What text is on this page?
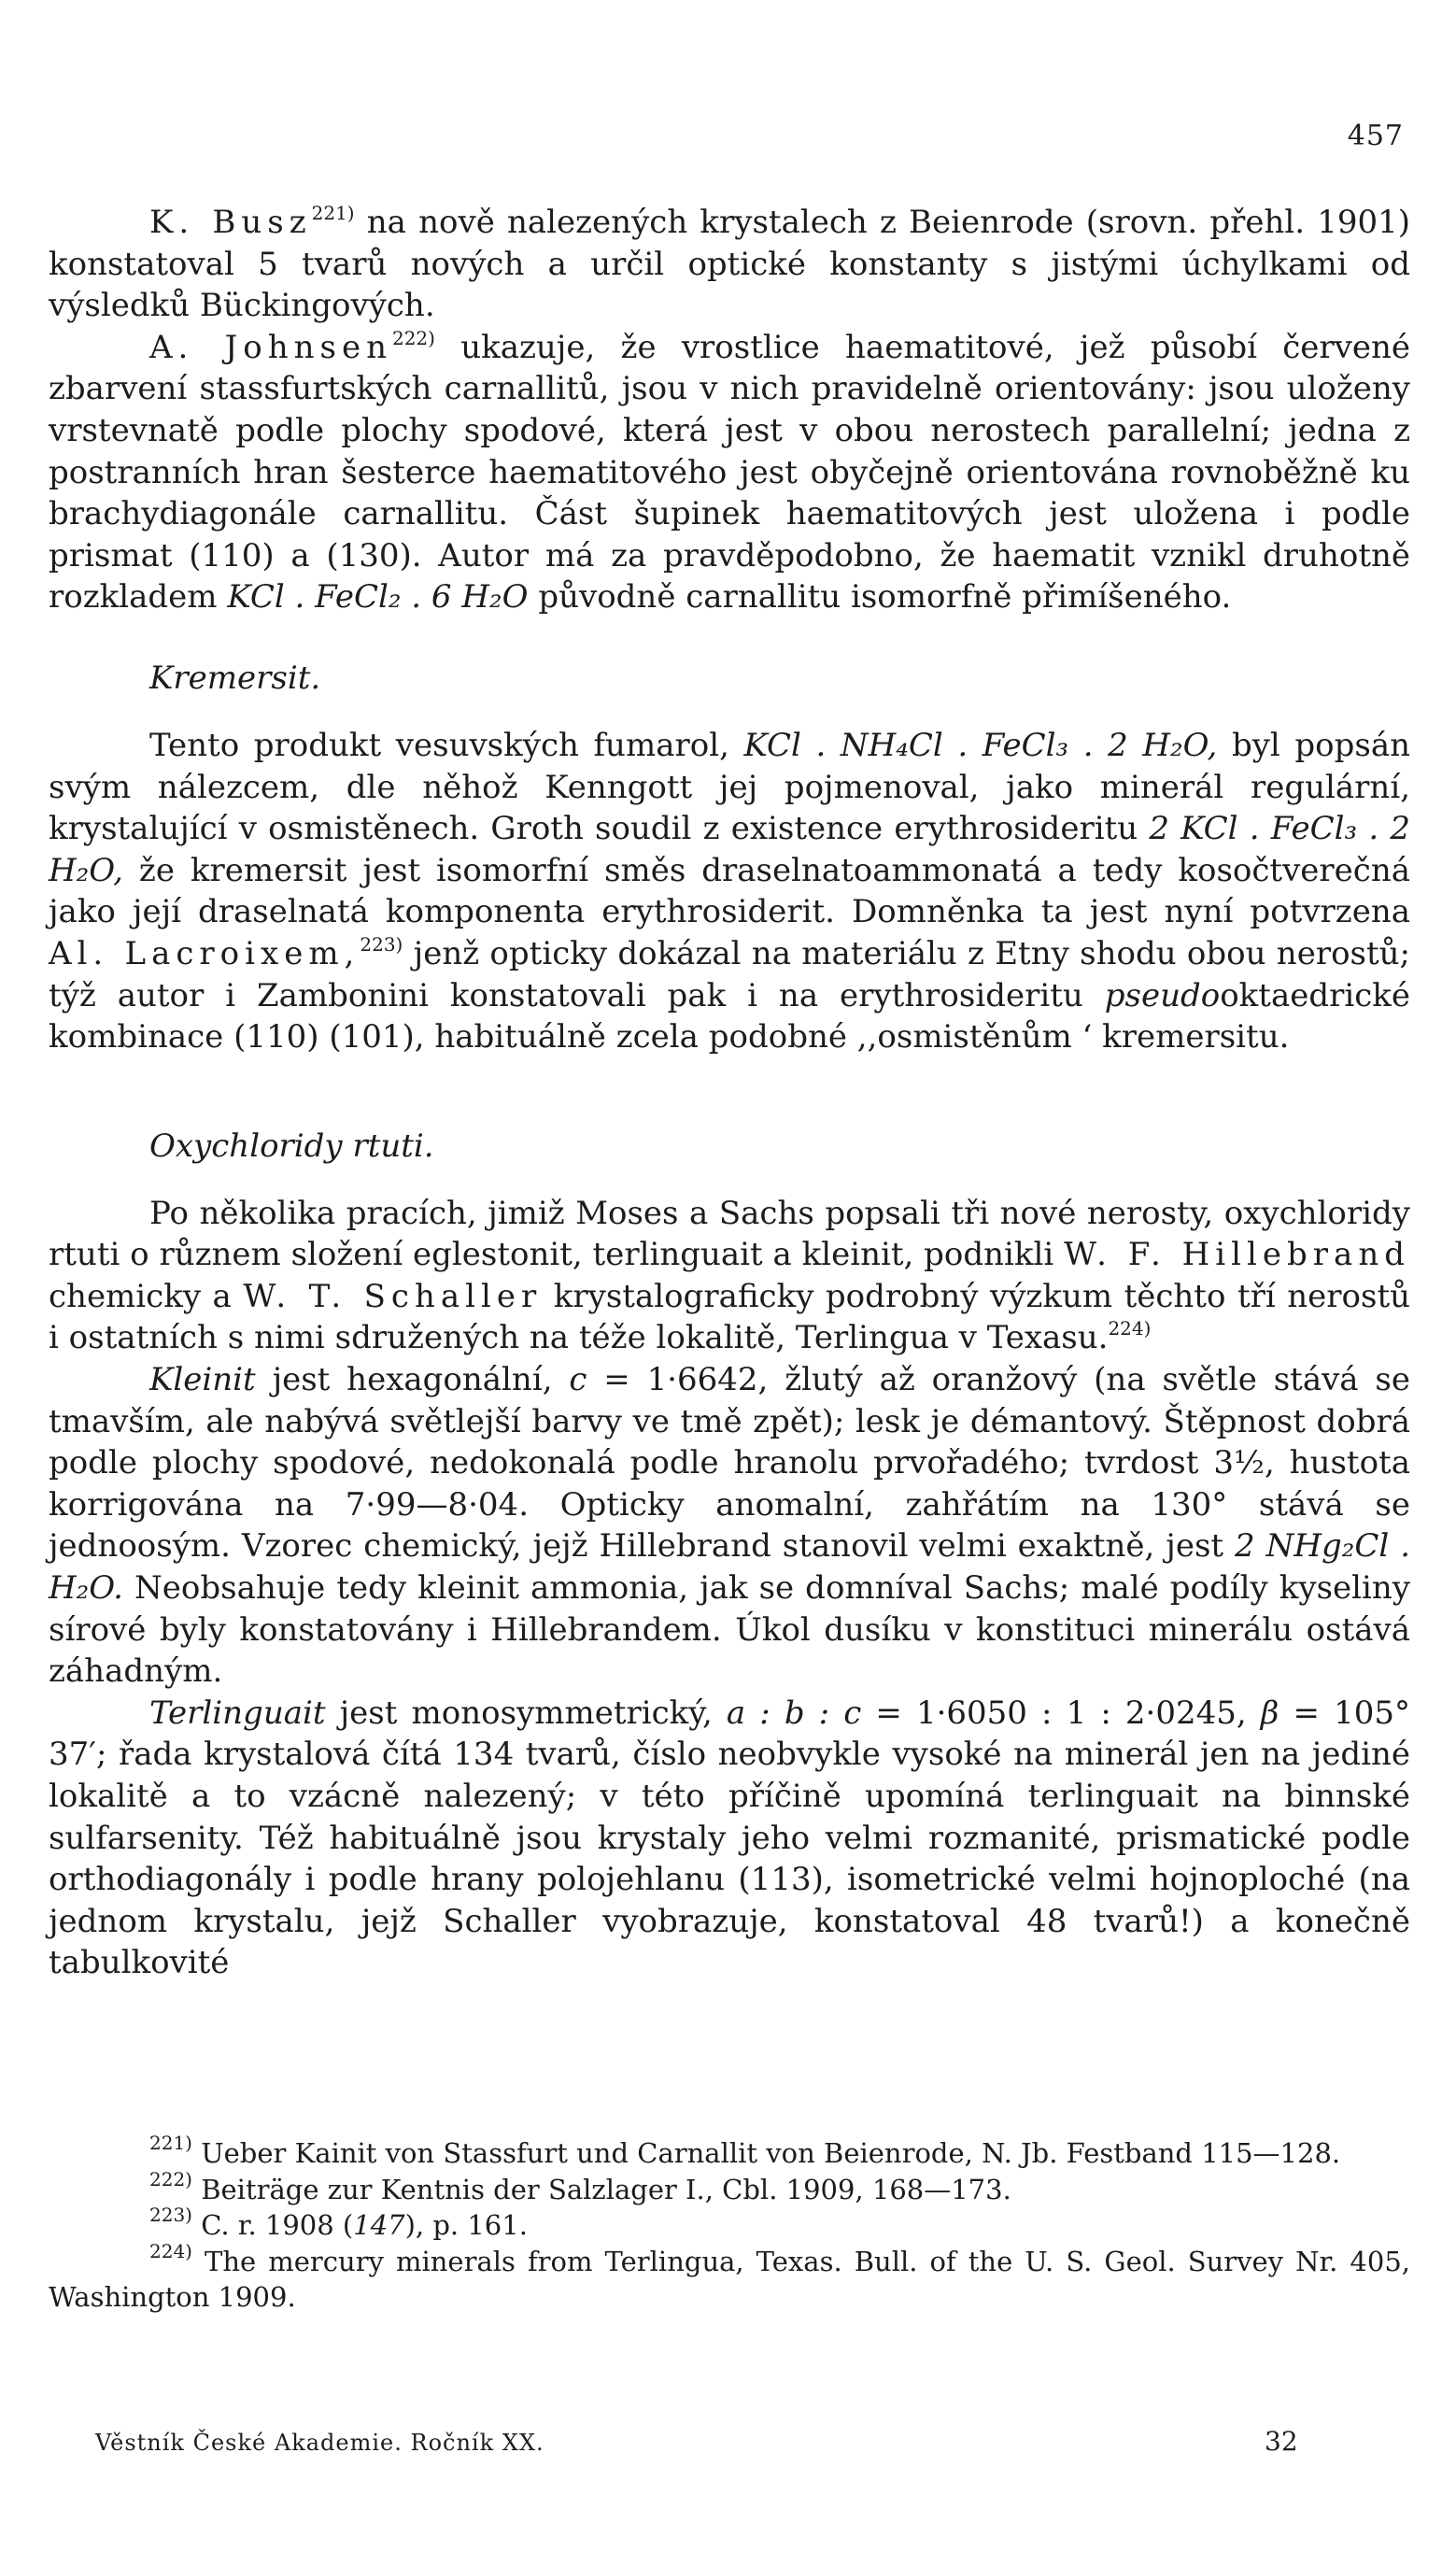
457

K. Busz$^{221)}$ na nově nalezených krystalech z Beienrode (srovn. přehl. 1901) konstatoval 5 tvarů nových a určil optické konstanty s jistými úchylkami od výsledků Bückingových.

A. Johnsen$^{222)}$ ukazuje, že vrostlice haematitové, jež působí červené zbarvení stassfurtských carnallitů, jsou v nich pravidelně orientovány: jsou uloženy vrstevnatě podle plochy spodové, která jest v obou nerostech parallelní; jedna z postranních hran šesterce haematitového jest obyčejně orientována rovnoběžně ku brachydiagonále carnallitu. Část šupinek haematitových jest uložena i podle prismat (110) a (130). Autor má za pravděpodobno, že haematit vznikl druhotně rozkladem KCl . FeCl₂ . 6 H₂O původně carnallitu isomorfně přimíšeného.

Kremersit.

Tento produkt vesuvských fumarol, KCl . NH₄Cl . FeCl₃ . 2 H₂O, byl popsán svým nálezcem, dle něhož Kenngott jej pojmenoval, jako minerál regulární, krystalující v osmistěnech. Groth soudil z existence erythrosideritu 2 KCl . FeCl₃ . 2 H₂O, že kremersit jest isomorfní směs draselnatoammonatá a tedy kosočtverečná jako její draselnatá komponenta erythrosiderit. Domněnka ta jest nyní potvrzena Al. Lacroixem,$^{223)}$ jenž opticky dokázal na materiálu z Etny shodu obou nerostů; týž autor i Zambonini konstatovali pak i na erythrosideritu pseudooktaedrické kombinace (110) (101), habituálně zcela podobné ,,osmistěnům ‘ kremersitu.

Oxychloridy rtuti.

Po několika pracích, jimiž Moses a Sachs popsali tři nové nerosty, oxychloridy rtuti o různem složení eglestonit, terlinguait a kleinit, podnikli W. F. Hillebrand chemicky a W. T. Schaller krystalograficky podrobný výzkum těchto tří nerostů i ostatních s nimi sdružených na téže lokalitě, Terlingua v Texasu.$^{224)}$

Kleinit jest hexagonální, c = 1·6642, žlutý až oranžový (na světle stává se tmavším, ale nabývá světlejší barvy ve tmě zpět); lesk je démantový. Štěpnost dobrá podle plochy spodové, nedokonalá podle hranolu prvořadého; tvrdost 3½, hustota korrigována na 7·99—8·04. Opticky anomalní, zahřátím na 130° stává se jednoosým. Vzorec chemický, jejž Hillebrand stanovil velmi exaktně, jest 2 NHg₂Cl . H₂O. Neobsahuje tedy kleinit ammonia, jak se domníval Sachs; malé podíly kyseliny sírové byly konstatovány i Hillebrandem. Úkol dusíku v konstituci minerálu ostává záhadným.

Terlinguait jest monosymmetrický, a : b : c = 1·6050 : 1 : 2·0245, β = 105° 37′; řada krystalová čítá 134 tvarů, číslo neobvykle vysoké na minerál jen na jediné lokalitě a to vzácně nalezený; v této příčině upomíná terlinguait na binnské sulfarsenity. Též habituálně jsou krystaly jeho velmi rozmanité, prismatické podle orthodiagonály i podle hrany polojehlanu (113), isometrické velmi hojnoploché (na jednom krystalu, jejž Schaller vyobrazuje, konstatoval 48 tvarů!) a konečně tabulkovité

$^{221)}$ Ueber Kainit von Stassfurt und Carnallit von Beienrode, N. Jb. Festband 115—128.

$^{222)}$ Beiträge zur Kentnis der Salzlager I., Cbl. 1909, 168—173.

$^{223)}$ C. r. 1908 (147), p. 161.

$^{224)}$ The mercury minerals from Terlingua, Texas. Bull. of the U. S. Geol. Survey Nr. 405, Washington 1909.

Věstník České Akademie. Ročník XX.	32
